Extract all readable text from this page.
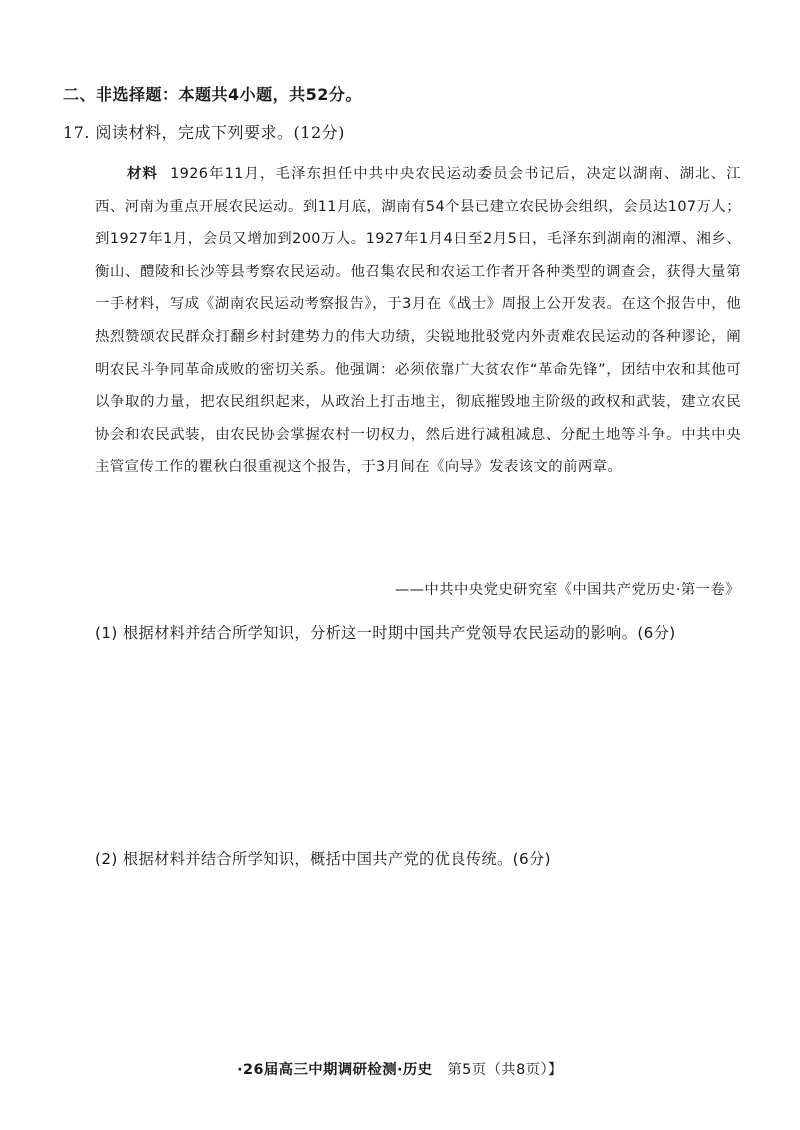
二、非选择题：本题共4小题，共52分。
17. 阅读材料，完成下列要求。(12分)

材料 1926年11月，毛泽东担任中共中央农民运动委员会书记后，决定以湖南、湖北、江西、河南为重点开展农民运动。到11月底，湖南有54个县已建立农民协会组织，会员达107万人；到1927年1月，会员又增加到200万人。1927年1月4日至2月5日，毛泽东到湖南的湘潭、湘乡、衡山、醴陵和长沙等县考察农民运动。他召集农民和农运工作者开各种类型的调查会，获得大量第一手材料，写成《湖南农民运动考察报告》，于3月在《战士》周报上公开发表。在这个报告中，他热烈赞颂农民群众打翻乡村封建势力的伟大功绩，尖锐地批驳党内外责难农民运动的各种谬论，阐明农民斗争同革命成败的密切关系。他强调：必须依靠广大贫农作“革命先锋”，团结中农和其他可以争取的力量，把农民组织起来，从政治上打击地主，彻底摧毁地主阶级的政权和武装，建立农民协会和农民武装，由农民协会掌握农村一切权力，然后进行减租减息、分配土地等斗争。中共中央主管宣传工作的瞿秋白很重视这个报告，于3月间在《向导》发表该文的前两章。

——中共中央党史研究室《中国共产党历史·第一卷》
(1) 根据材料并结合所学知识，分析这一时期中国共产党领导农民运动的影响。(6分)
(2) 根据材料并结合所学知识，概括中国共产党的优良传统。(6分)
·26届高三中期调研检测·历史 第5页（共8页）】
